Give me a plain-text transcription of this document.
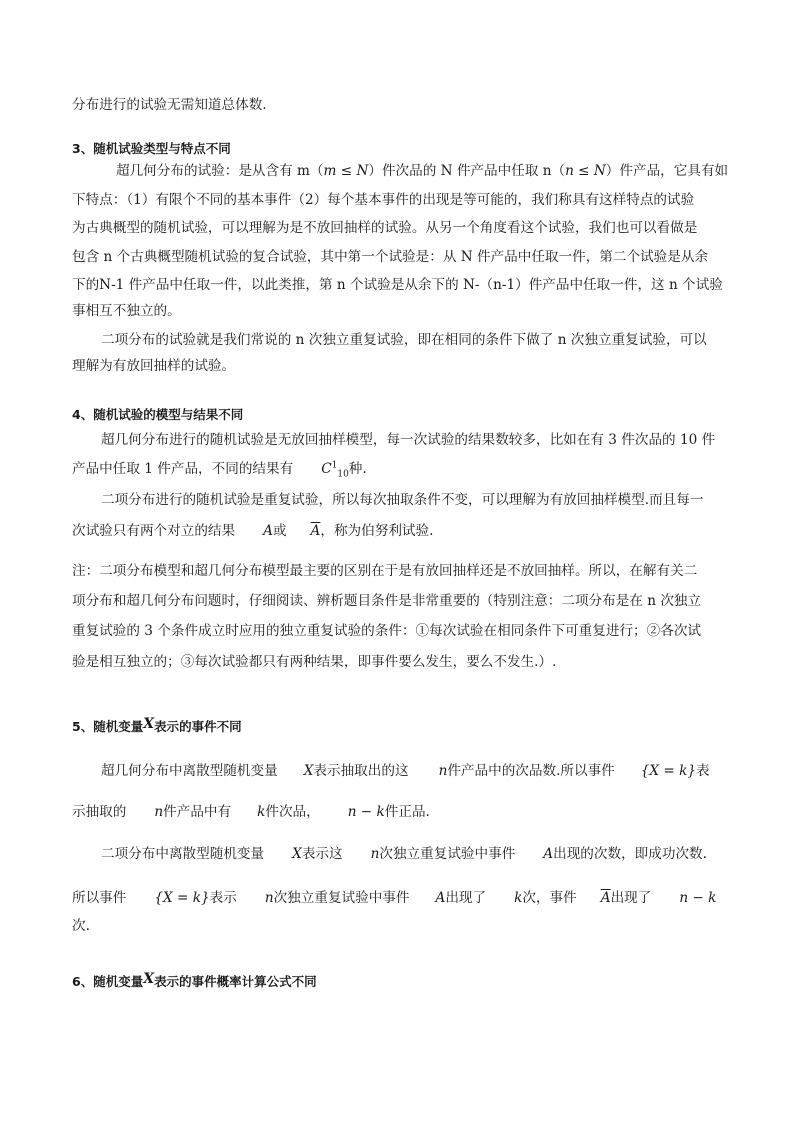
分布进行的试验无需知道总体数.
3、随机试验类型与特点不同
超几何分布的试验：是从含有 m（m ≤ N）件次品的 N 件产品中任取 n（n ≤ N）件产品，它具有如
下特点：（1）有限个不同的基本事件（2）每个基本事件的出现是等可能的，我们称具有这样特点的试验
为古典概型的随机试验，可以理解为是不放回抽样的试验。从另一个角度看这个试验，我们也可以看做是
包含 n 个古典概型随机试验的复合试验，其中第一个试验是：从 N 件产品中任取一件，第二个试验是从余
下的N-1 件产品中任取一件，以此类推，第 n 个试验是从余下的 N-（n-1）件产品中任取一件，这 n 个试验
事相互不独立的。
二项分布的试验就是我们常说的 n 次独立重复试验，即在相同的条件下做了 n 次独立重复试验，可以
理解为有放回抽样的试验。
4、随机试验的模型与结果不同
超几何分布进行的随机试验是无放回抽样模型，每一次试验的结果数较多，比如在有 3 件次品的 10 件
产品中任取 1 件产品，不同的结果有 $C^1_{10}$种.
二项分布进行的随机试验是重复试验，所以每次抽取条件不变，可以理解为有放回抽样模型.而且每一
次试验只有两个对立的结果 A或 $\overline{A}$，称为伯努利试验.
注：二项分布模型和超几何分布模型最主要的区别在于是有放回抽样还是不放回抽样。所以，在解有关二
项分布和超几何分布问题时，仔细阅读、辨析题目条件是非常重要的（特别注意：二项分布是在 n 次独立
重复试验的 3 个条件成立时应用的独立重复试验的条件：①每次试验在相同条件下可重复进行；②各次试
验是相互独立的；③每次试验都只有两种结果，即事件要么发生，要么不发生.）.
5、随机变量X表示的事件不同
超几何分布中离散型随机变量 X表示抽取出的这 n件产品中的次品数.所以事件 {X = k}表
示抽取的 n件产品中有 k件次品， n − k件正品.
二项分布中离散型随机变量 X表示这 n次独立重复试验中事件 A出现的次数，即成功次数.
所以事件 {X = k}表示 n次独立重复试验中事件 A出现了 k次，事件 $\overline{A}$出现了 n − k
次.
6、随机变量X表示的事件概率计算公式不同
